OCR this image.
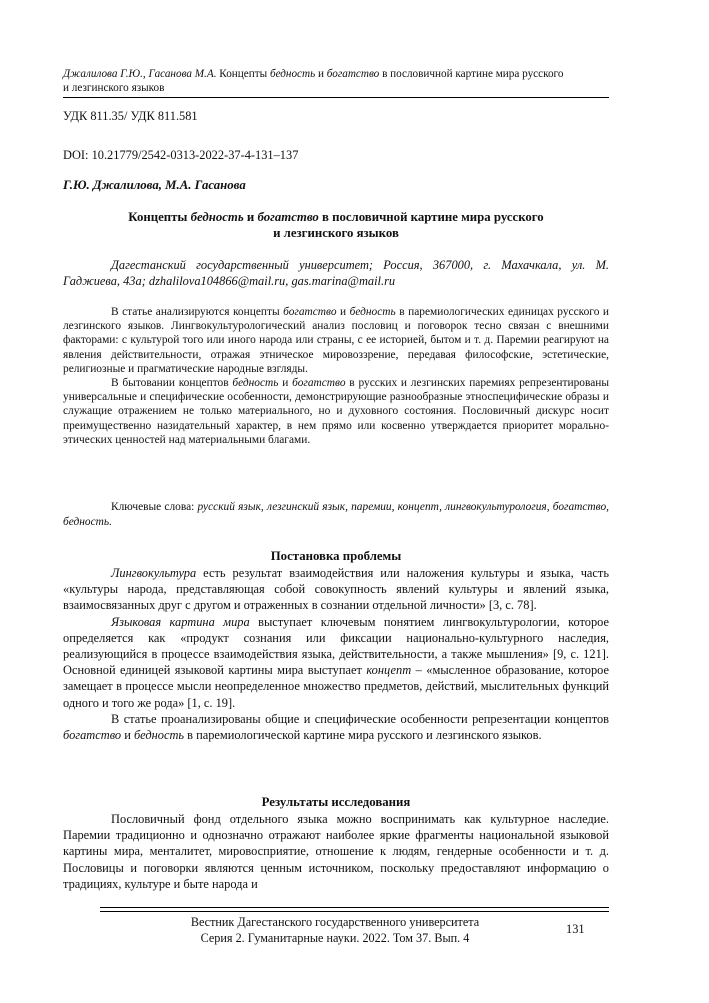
Джалилова Г.Ю., Гасанова М.А. Концепты бедность и богатство в пословичной картине мира русского
и лезгинского языков
УДК 811.35/ УДК 811.581
DOI: 10.21779/2542-0313-2022-37-4-131–137
Г.Ю. Джалилова, М.А. Гасанова
Концепты бедность и богатство в пословичной картине мира русского
и лезгинского языков
Дагестанский государственный университет; Россия, 367000, г. Махачкала, ул. М. Гаджиева, 43а; dzhalilova104866@mail.ru, gas.marina@mail.ru

В статье анализируются концепты богатство и бедность в паремиологических единицах русского и лезгинского языков. Лингвокультурологический анализ пословиц и поговорок тесно связан с внешними факторами: с культурой того или иного народа или страны, с ее историей, бытом и т. д. Паремии реагируют на явления действительности, отражая этническое мировоззрение, передавая философские, эстетические, религиозные и прагматические народные взгляды.

В бытовании концептов бедность и богатство в русских и лезгинских паремиях репрезентированы универсальные и специфические особенности, демонстрирующие разнообразные этноспецифические образы и служащие отражением не только материального, но и духовного состояния. Пословичный дискурс носит преимущественно назидательный характер, в нем прямо или косвенно утверждается приоритет морально-этических ценностей над материальными благами.

Ключевые слова: русский язык, лезгинский язык, паремии, концепт, лингвокультурология, богатство, бедность.
Постановка проблемы

Лингвокультура есть результат взаимодействия или наложения культуры и языка, часть «культуры народа, представляющая собой совокупность явлений культуры и явлений языка, взаимосвязанных друг с другом и отраженных в сознании отдельной личности» [3, с. 78].

Языковая картина мира выступает ключевым понятием лингвокультурологии, которое определяется как «продукт сознания или фиксации национально-культурного наследия, реализующийся в процессе взаимодействия языка, действительности, а также мышления» [9, с. 121]. Основной единицей языковой картины мира выступает концепт – «мысленное образование, которое замещает в процессе мысли неопределенное множество предметов, действий, мыслительных функций одного и того же рода» [1, с. 19].

В статье проанализированы общие и специфические особенности репрезентации концептов богатство и бедность в паремиологической картине мира русского и лезгинского языков.

Результаты исследования

Пословичный фонд отдельного языка можно воспринимать как культурное наследие. Паремии традиционно и однозначно отражают наиболее яркие фрагменты национальной языковой картины мира, менталитет, мировосприятие, отношение к людям, гендерные особенности и т. д. Пословицы и поговорки являются ценным источником, поскольку предоставляют информацию о традициях, культуре и быте народа и

Вестник Дагестанского государственного университета
Серия 2. Гуманитарные науки. 2022. Том 37. Вып. 4
131
